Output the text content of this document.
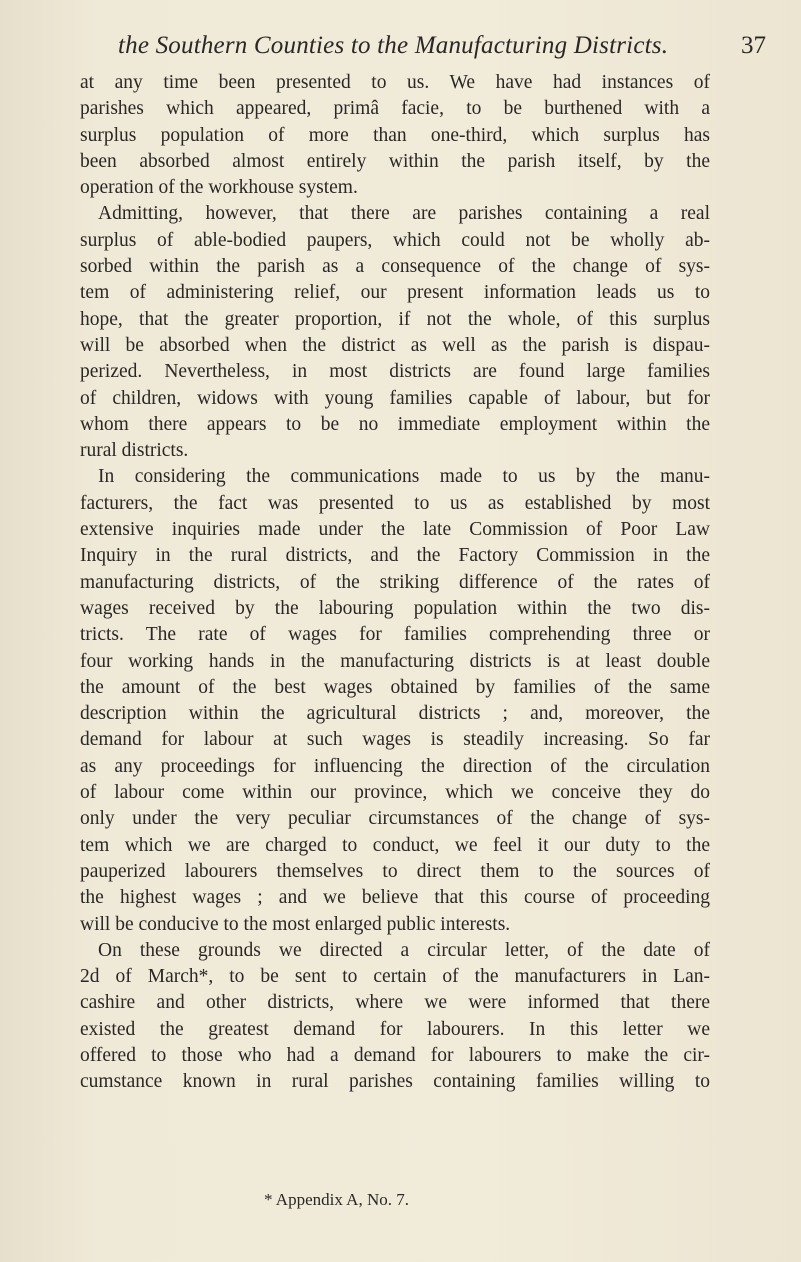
the Southern Counties to the Manufacturing Districts.	37
at any time been presented to us. We have had instances of
parishes which appeared, primâ facie, to be burthened with a
surplus population of more than one-third, which surplus has
been absorbed almost entirely within the parish itself, by the
operation of the workhouse system.
Admitting, however, that there are parishes containing a real
surplus of able-bodied paupers, which could not be wholly ab-
sorbed within the parish as a consequence of the change of sys-
tem of administering relief, our present information leads us to
hope, that the greater proportion, if not the whole, of this surplus
will be absorbed when the district as well as the parish is dispau-
perized. Nevertheless, in most districts are found large families
of children, widows with young families capable of labour, but for
whom there appears to be no immediate employment within the
rural districts.
In considering the communications made to us by the manu-
facturers, the fact was presented to us as established by most
extensive inquiries made under the late Commission of Poor Law
Inquiry in the rural districts, and the Factory Commission in the
manufacturing districts, of the striking difference of the rates of
wages received by the labouring population within the two dis-
tricts. The rate of wages for families comprehending three or
four working hands in the manufacturing districts is at least double
the amount of the best wages obtained by families of the same
description within the agricultural districts ; and, moreover, the
demand for labour at such wages is steadily increasing. So far
as any proceedings for influencing the direction of the circulation
of labour come within our province, which we conceive they do
only under the very peculiar circumstances of the change of sys-
tem which we are charged to conduct, we feel it our duty to the
pauperized labourers themselves to direct them to the sources of
the highest wages ; and we believe that this course of proceeding
will be conducive to the most enlarged public interests.
On these grounds we directed a circular letter, of the date of
2d of March*, to be sent to certain of the manufacturers in Lan-
cashire and other districts, where we were informed that there
existed the greatest demand for labourers. In this letter we
offered to those who had a demand for labourers to make the cir-
cumstance known in rural parishes containing families willing to
* Appendix A, No. 7.
